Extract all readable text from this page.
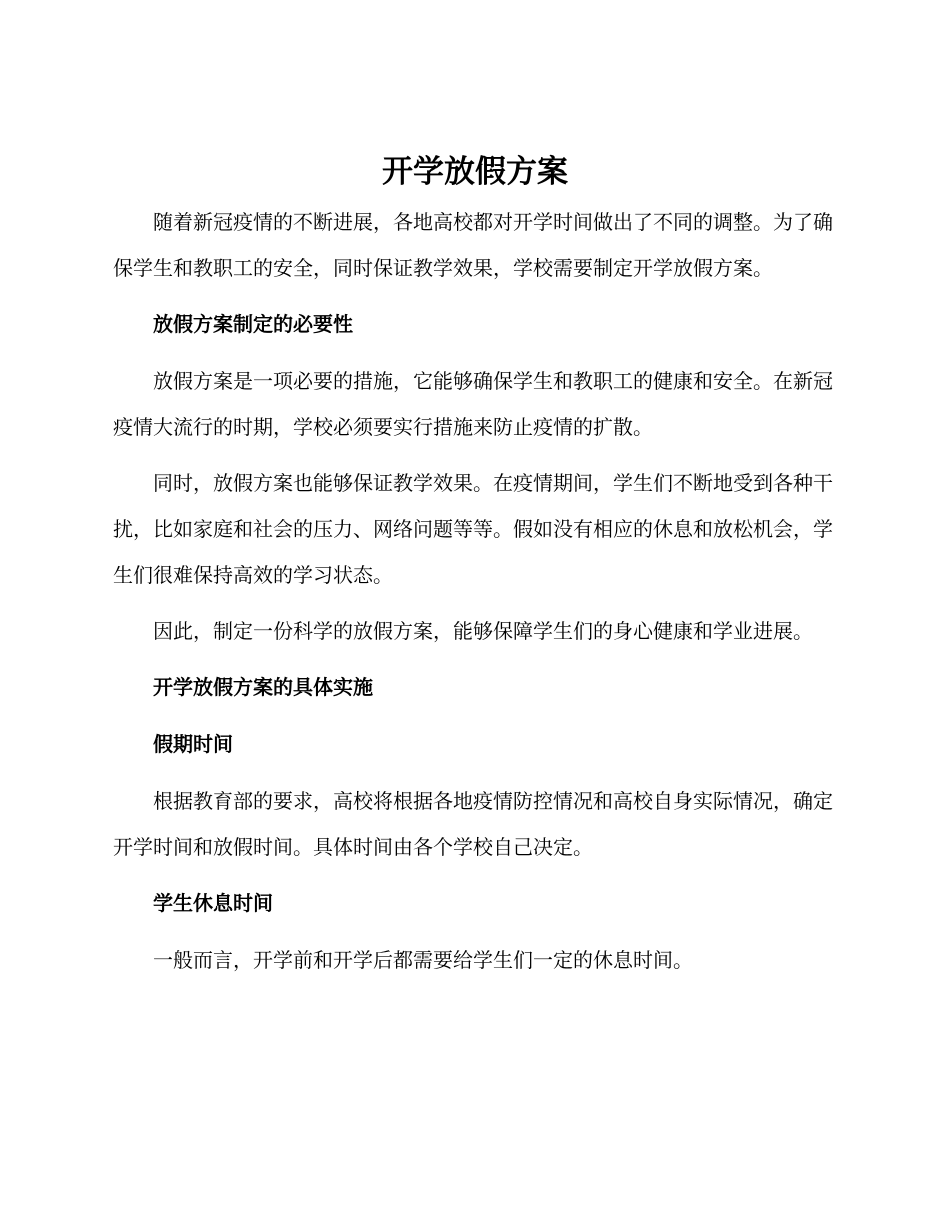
开学放假方案

随着新冠疫情的不断进展，各地高校都对开学时间做出了不同的调整。为了确保学生和教职工的安全，同时保证教学效果，学校需要制定开学放假方案。

放假方案制定的必要性

放假方案是一项必要的措施，它能够确保学生和教职工的健康和安全。在新冠疫情大流行的时期，学校必须要实行措施来防止疫情的扩散。

同时，放假方案也能够保证教学效果。在疫情期间，学生们不断地受到各种干扰，比如家庭和社会的压力、网络问题等等。假如没有相应的休息和放松机会，学生们很难保持高效的学习状态。

因此，制定一份科学的放假方案，能够保障学生们的身心健康和学业进展。

开学放假方案的具体实施

假期时间

根据教育部的要求，高校将根据各地疫情防控情况和高校自身实际情况，确定开学时间和放假时间。具体时间由各个学校自己决定。

学生休息时间

一般而言，开学前和开学后都需要给学生们一定的休息时间。
